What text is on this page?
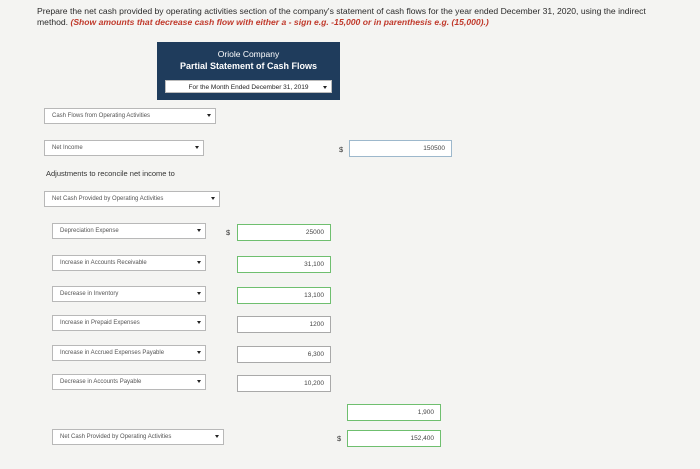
Prepare the net cash provided by operating activities section of the company's statement of cash flows for the year ended December 31, 2020, using the indirect method. (Show amounts that decrease cash flow with either a - sign e.g. -15,000 or in parenthesis e.g. (15,000).)
Oriole Company
Partial Statement of Cash Flows
For the Month Ended December 31, 2019
Cash Flows from Operating Activities
Net Income	$	150500
Adjustments to reconcile net income to
Net Cash Provided by Operating Activities
Depreciation Expense	$	25000
Increase in Accounts Receivable	31,100
Decrease in Inventory	13,100
Increase in Prepaid Expenses	1200
Increase in Accrued Expenses Payable	6,300
Decrease in Accounts Payable	10,200
1,900
Net Cash Provided by Operating Activities	$	152,400
